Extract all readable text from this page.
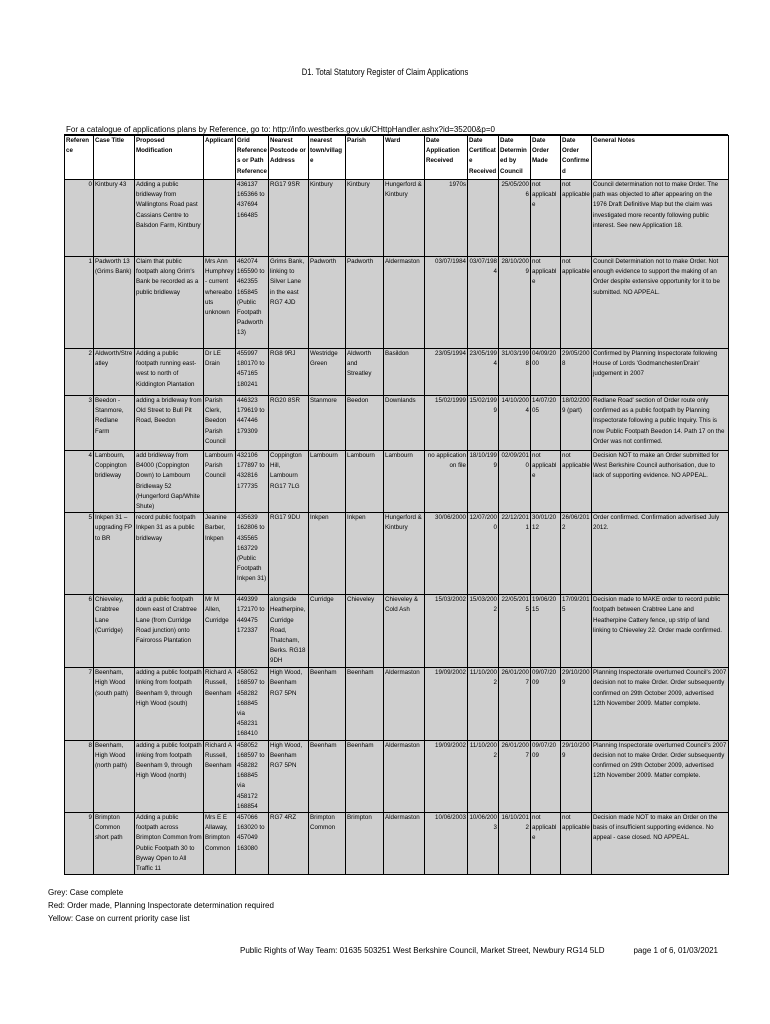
D1. Total Statutory Register of Claim Applications
For a catalogue of applications plans by Reference, go to: http://info.westberks.gov.uk/CHttpHandler.ashx?id=35200&p=0
Reference	Case Title	Proposed Modification	Applicant	Grid References or Path Reference	Nearest Postcode or Address	nearest town/village	Parish	Ward	Date Application Received	Date Certificate Received	Date Determined by Council	Date Order Made	Date Order Confirmed	General Notes
0	Kintbury 43	Adding a public bridleway from Wallingtons Road past Cassians Centre to Balsdon Farm, Kintbury		436137 165366 to 437694 166485	RG17 9SR	Kintbury	Kintbury	Hungerford & Kintbury	1970s		25/05/2006	not applicable	not applicable	Council determination not to make Order. The path was objected to after appearing on the 1976 Draft Definitive Map but the claim was investigated more recently following public interest. See new Application 18.
1	Padworth 13 (Grims Bank)	Claim that public footpath along Grim's Bank be recorded as a public bridleway	Mrs Ann Humphrey - current whereabouts unknown	462074 165590 to 462355 165845 (Public Footpath Padworth 13)	Grims Bank, linking to Silver Lane in the east RG7 4JD	Padworth	Padworth	Aldermaston	03/07/1984	03/07/1984	28/10/2009	not applicable	not applicable	Council Determination not to make Order. Not enough evidence to support the making of an Order despite extensive opportunity for it to be submitted. NO APPEAL.
2	Aldworth/Streatley	Adding a public footpath running east-west to north of Kiddington Plantation	Dr LE Drain	455997 180170 to 457165 180241	RG8 9RJ	Westridge Green	Aldworth and Streatley	Basildon	23/05/1994	23/05/1994	31/03/1998	04/09/2000	29/05/2008	Confirmed by Planning Inspectorate following House of Lords 'Godmanchester/Drain' judgement in 2007
3	Beedon - Stanmore, Redlane Farm	adding a bridleway from Old Street to Bull Pit Road, Beedon	Parish Clerk, Beedon Parish Council	446323 179619 to 447446 179309	RG20 8SR	Stanmore	Beedon	Downlands	15/02/1999	15/02/1999	14/10/2004	14/07/2005	18/02/2009 (part)	Redlane Road' section of Order route only confirmed as a public footpath by Planning Inspectorate following a public Inquiry. This is now Public Footpath Beedon 14. Path 17 on the Order was not confirmed.
4	Lambourn, Coppington bridleway	add bridleway from B4000 (Coppington Down) to Lambourn Bridleway 52 (Hungerford Gap/White Shute)	Lambourn Parish Council	432106 177897 to 432816 177735	Coppington Hill, Lambourn RG17 7LG	Lambourn	Lambourn	Lambourn	no application on file	18/10/1999	02/09/2010	not applicable	not applicable	Decision NOT to make an Order submitted for West Berkshire Council authorisation, due to lack of supporting evidence. NO APPEAL.
5	Inkpen 31 – upgrading FP to BR	record public footpath Inkpen 31 as a public bridleway	Jeanine Barber, Inkpen	435639 162806 to 435565 163729 (Public Footpath Inkpen 31)	RG17 9DU	Inkpen	Inkpen	Hungerford & Kintbury	30/06/2000	12/07/2000	22/12/2011	30/01/2012	26/06/2012	Order confirmed. Confirmation advertised July 2012.
6	Chieveley, Crabtree Lane (Curridge)	add a public footpath down east of Crabtree Lane (from Curridge Road junction) onto Fairoross Plantation	Mr M Allen, Curridge	449399 172170 to 449475 172337	alongside Heatherpine, Curridge Road, Thatcham, Berks. RG18 9DH	Curridge	Chieveley	Chieveley & Cold Ash	15/03/2002	15/03/2002	22/05/2015	19/06/2015	17/09/2015	Decision made to MAKE order to record public footpath between Crabtree Lane and Heatherpine Cattery fence, up strip of land linking to Chieveley 22. Order made confirmed.
7	Beenham, High Wood (south path)	adding a public footpath linking from footpath Beenham 9, through High Wood (south)	Richard A Russell, Beenham	458052 168597 to 458282 168845 via 458231 168410	High Wood, Beenham RG7 5PN	Beenham	Beenham	Aldermaston	19/09/2002	11/10/2002	26/01/2007	09/07/2009	29/10/2009	Planning Inspectorate overturned Council's 2007 decision not to make Order. Order subsequently confirmed on 29th October 2009, advertised 12th November 2009. Matter complete.
8	Beenham, High Wood (north path)	adding a public footpath linking from footpath Beenham 9, through High Wood (north)	Richard A Russell, Beenham	458052 168597 to 458282 168845 via 458172 168854	High Wood, Beenham RG7 5PN	Beenham	Beenham	Aldermaston	19/09/2002	11/10/2002	26/01/2007	09/07/2009	29/10/2009	Planning Inspectorate overturned Council's 2007 decision not to make Order. Order subsequently confirmed on 29th October 2009, advertised 12th November 2009. Matter complete.
9	Brimpton Common short path	Adding a public footpath across Brimpton Common from Public Footpath 30 to Byway Open to All Traffic 11	Mrs E E Allaway, Brimpton Common	457066 163020 to 457049 163080	RG7 4RZ	Brimpton Common	Brimpton	Aldermaston	10/06/2003	10/06/2003	16/10/2012	not applicable	not applicable	Decision made NOT to make an Order on the basis of insufficient supporting evidence. No appeal - case closed. NO APPEAL.
Grey: Case complete
Red: Order made, Planning Inspectorate determination required
Yellow: Case on current priority case list
Public Rights of Way Team: 01635 503251 West Berkshire Council, Market Street, Newbury RG14 5LD	page 1 of 6, 01/03/2021
